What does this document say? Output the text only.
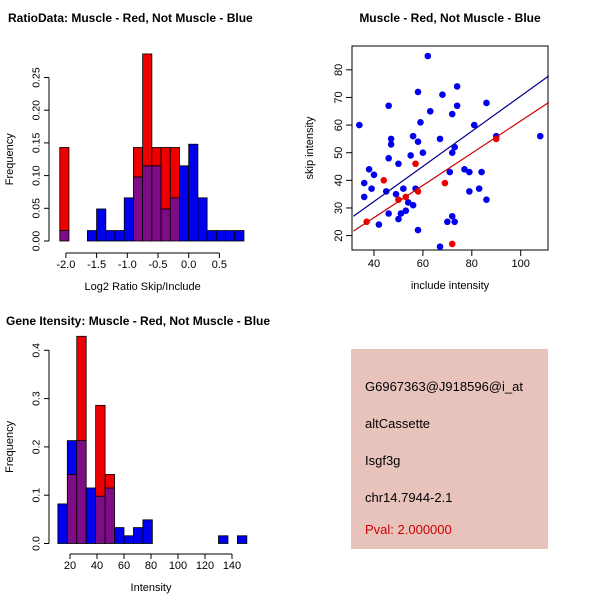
RatioData: Muscle - Red, Not Muscle - Blue
0.00
0.05
0.10
0.15
0.20
0.25
Frequency
-2.0 -1.5 -1.0 -0.5 0.0 0.5
Log2 Ratio Skip/Include
Muscle - Red, Not Muscle - Blue
40	60	80	100
20
30
40
50
60
70
80
include intensity
skip intensity
Gene Itensity: Muscle - Red, Not Muscle - Blue
0.0
0.1
0.2
0.3
0.4
Frequency
20 40 60 80 100 120 140
Intensity
G6967363@J918596@i_at
altCassette
Isgf3g
chr14.7944-2.1
Pval: 2.000000
